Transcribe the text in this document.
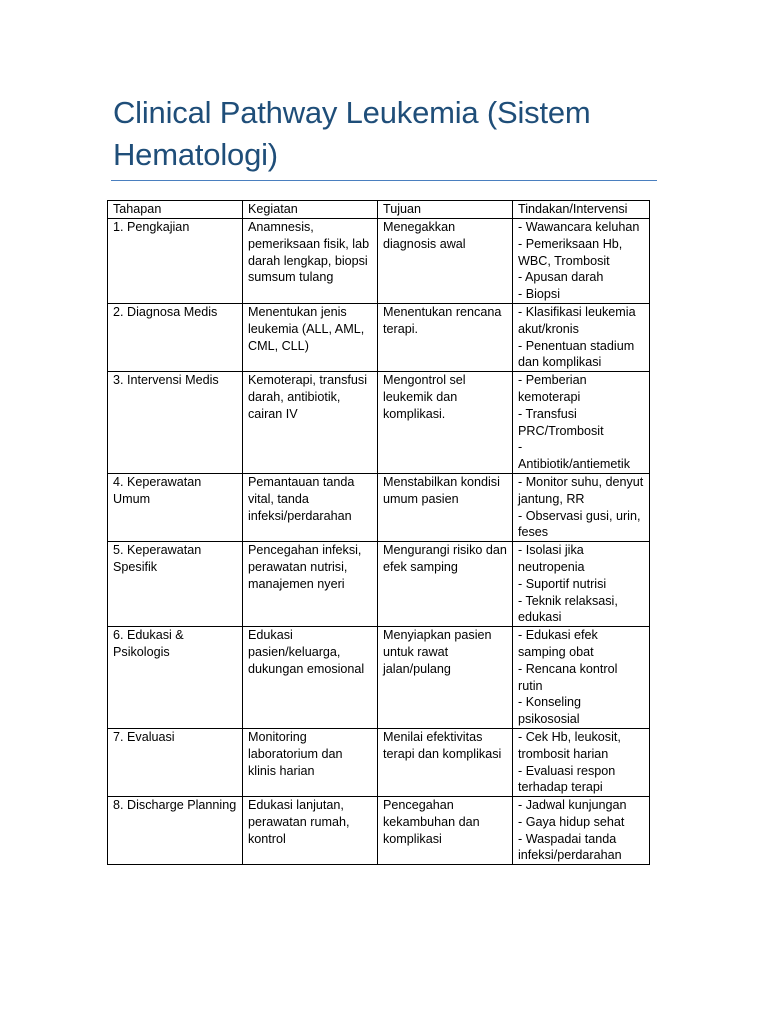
Clinical Pathway Leukemia (Sistem Hematologi)
Tahapan	Kegiatan	Tujuan	Tindakan/Intervensi
1. Pengkajian	Anamnesis, pemeriksaan fisik, lab darah lengkap, biopsi sumsum tulang	Menegakkan diagnosis awal	- Wawancara keluhan
- Pemeriksaan Hb, WBC, Trombosit
- Apusan darah
- Biopsi

2. Diagnosa Medis	Menentukan jenis leukemia (ALL, AML, CML, CLL)	Menentukan rencana terapi.	- Klasifikasi leukemia akut/kronis
- Penentuan stadium dan komplikasi

3. Intervensi Medis	Kemoterapi, transfusi darah, antibiotik, cairan IV	Mengontrol sel leukemik dan komplikasi.	- Pemberian kemoterapi
- Transfusi PRC/Trombosit
-
Antibiotik/antiemetik

4. Keperawatan Umum	Pemantauan tanda vital, tanda infeksi/perdarahan	Menstabilkan kondisi umum pasien	- Monitor suhu, denyut jantung, RR
- Observasi gusi, urin, feses

5. Keperawatan Spesifik	Pencegahan infeksi, perawatan nutrisi, manajemen nyeri	Mengurangi risiko dan efek samping	- Isolasi jika neutropenia
- Suportif nutrisi
- Teknik relaksasi, edukasi

6. Edukasi & Psikologis	Edukasi pasien/keluarga, dukungan emosional	Menyiapkan pasien untuk rawat jalan/pulang	- Edukasi efek samping obat
- Rencana kontrol rutin
- Konseling psikososial

7. Evaluasi	Monitoring laboratorium dan klinis harian	Menilai efektivitas terapi dan komplikasi	- Cek Hb, leukosit, trombosit harian
- Evaluasi respon terhadap terapi

8. Discharge Planning	Edukasi lanjutan, perawatan rumah, kontrol	Pencegahan kekambuhan dan komplikasi	- Jadwal kunjungan
- Gaya hidup sehat
- Waspadai tanda infeksi/perdarahan
